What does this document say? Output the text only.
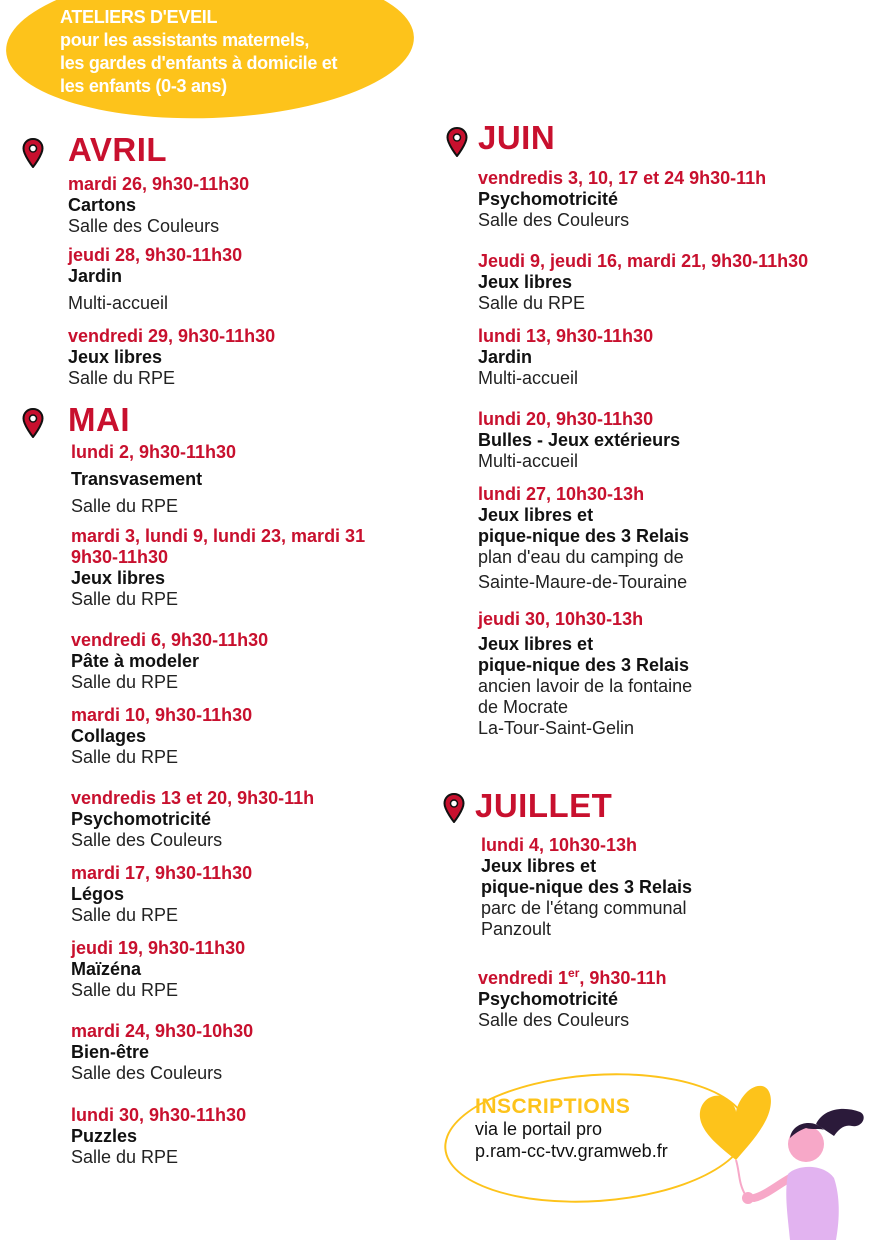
ATELIERS D'EVEIL
pour les assistants maternels,
les gardes d'enfants à domicile et
les enfants (0-3 ans)
AVRIL
MAI
JUIN
JUILLET
mardi 26, 9h30-11h30
Cartons
Salle des Couleurs
jeudi 28, 9h30-11h30
Jardin
Multi-accueil
vendredi 29, 9h30-11h30
Jeux libres
Salle du RPE
lundi 2, 9h30-11h30
Transvasement
Salle du RPE
mardi 3, lundi 9, lundi 23, mardi 31
9h30-11h30
Jeux libres
Salle du RPE
vendredi 6, 9h30-11h30
Pâte à modeler
Salle du RPE
mardi 10, 9h30-11h30
Collages
Salle du RPE
vendredis 13 et 20, 9h30-11h
Psychomotricité
Salle des Couleurs
mardi 17, 9h30-11h30
Légos
Salle du RPE
jeudi 19, 9h30-11h30
Maïzéna
Salle du RPE
mardi 24, 9h30-10h30
Bien-être
Salle des Couleurs
lundi 30, 9h30-11h30
Puzzles
Salle du RPE
vendredis 3, 10, 17 et 24 9h30-11h
Psychomotricité
Salle des Couleurs
Jeudi 9, jeudi 16, mardi 21, 9h30-11h30
Jeux libres
Salle du RPE
lundi 13, 9h30-11h30
Jardin
Multi-accueil
lundi 20, 9h30-11h30
Bulles - Jeux extérieurs
Multi-accueil
lundi 27, 10h30-13h
Jeux libres et
pique-nique des 3 Relais
plan d'eau du camping de
Sainte-Maure-de-Touraine
jeudi 30, 10h30-13h
Jeux libres et
pique-nique des 3 Relais
ancien lavoir de la fontaine
de Mocrate
La-Tour-Saint-Gelin
lundi 4, 10h30-13h
Jeux libres et
pique-nique des 3 Relais
parc de l'étang communal
Panzoult
vendredi 1er, 9h30-11h
Psychomotricité
Salle des Couleurs
INSCRIPTIONS
via le portail pro
p.ram-cc-tvv.gramweb.fr
